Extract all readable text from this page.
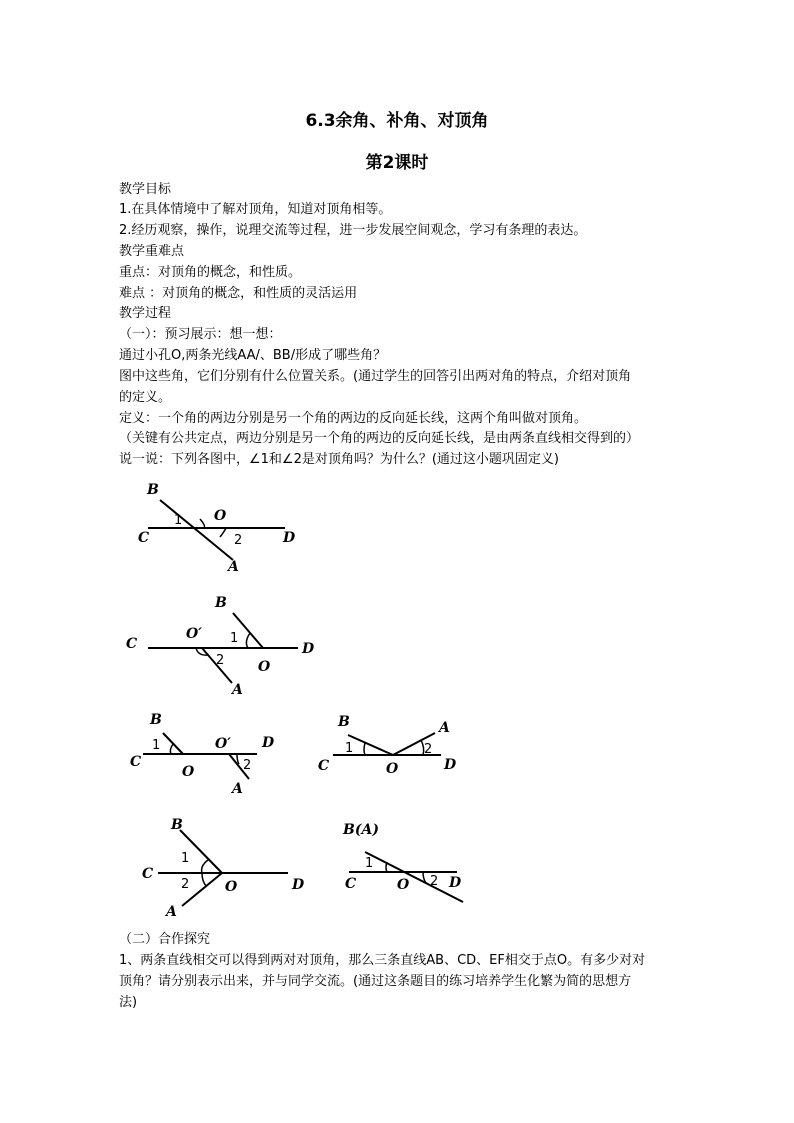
6.3余角、补角、对顶角
第2课时
教学目标
1.在具体情境中了解对顶角，知道对顶角相等。
2.经历观察，操作，说理交流等过程，进一步发展空间观念，学习有条理的表达。
教学重难点
重点：对顶角的概念，和性质。
难点 ：对顶角的概念，和性质的灵活运用
教学过程
（一）：预习展示：想一想：
通过小孔O,两条光线AA/、BB/形成了哪些角？
图中这些角，它们分别有什么位置关系。(通过学生的回答引出两对角的特点，介绍对顶角
的定义。
定义：一个角的两边分别是另一个角的两边的反向延长线，这两个角叫做对顶角。
（关键有公共定点，两边分别是另一个角的两边的反向延长线，是由两条直线相交得到的）
说一说：下列各图中，∠1和∠2是对顶角吗？为什么？(通过这小题巩固定义)
B
C
O
D
A
1
2
B
C
O′
O
D
A
1
2
B
C
O
O′ D
A
1
2
B	A
C	O	D
1	2
B
C
O	D
A
1
2
B(A)
C	O	D
1
2
（二）合作探究
1、两条直线相交可以得到两对对顶角，那么三条直线AB、CD、EF相交于点O。有多少对对
顶角？请分别表示出来，并与同学交流。(通过这条题目的练习培养学生化繁为简的思想方
法)
